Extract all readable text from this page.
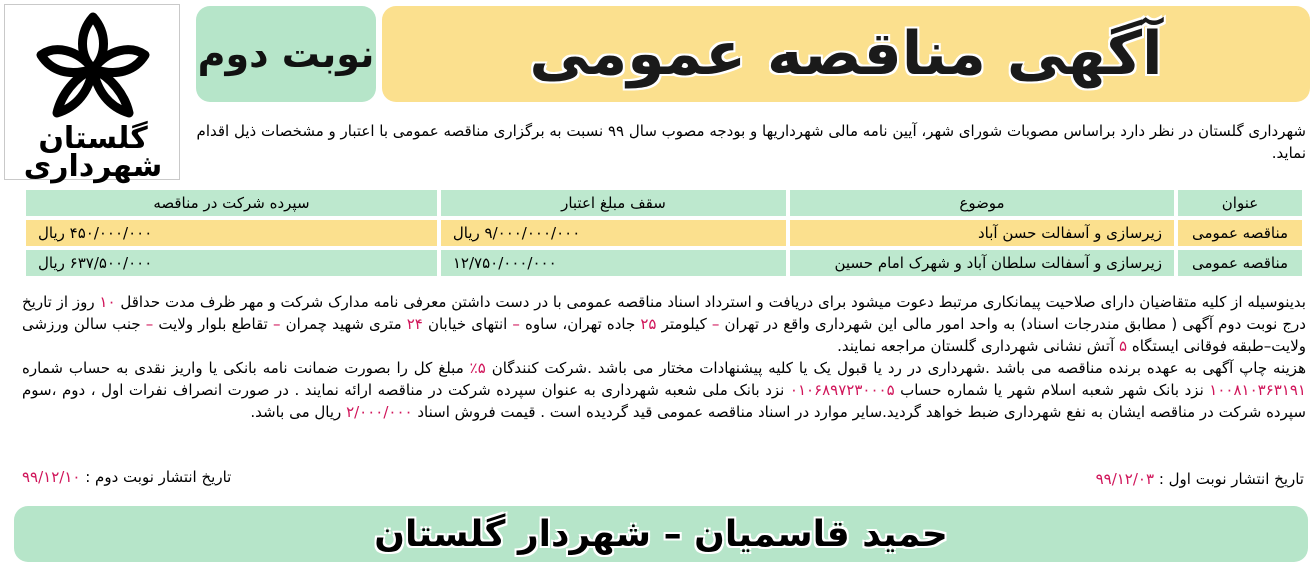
گلستان
شهرداری
نوبت دوم	آگهی مناقصه عمومی
شهرداری گلستان در نظر دارد براساس مصوبات شورای شهر، آیین نامه مالی شهرداریها و بودجه مصوب سال ۹۹ نسبت به برگزاری مناقصه عمومی با اعتبار و مشخصات ذیل اقدام نماید.
عنوان	موضوع	سقف مبلغ اعتبار	سپرده شرکت در مناقصه
مناقصه عمومی	زیرسازی و آسفالت حسن آباد	۹/۰۰۰/۰۰۰/۰۰۰ ریال	۴۵۰/۰۰۰/۰۰۰ ریال
مناقصه عمومی	زیرسازی و آسفالت سلطان آباد و شهرک امام حسین	۱۲/۷۵۰/۰۰۰/۰۰۰	۶۳۷/۵۰۰/۰۰۰ ریال
بدینوسیله از کلیه متقاضیان دارای صلاحیت پیمانکاری مرتبط دعوت میشود برای دریافت و استرداد اسناد مناقصه عمومی با در دست داشتن معرفی نامه مدارک شرکت و مهر ظرف مدت حداقل ۱۰ روز از تاریخ درج نوبت دوم آگهی ( مطابق مندرجات اسناد) به واحد امور مالی این شهرداری واقع در تهران – کیلومتر ۲۵ جاده تهران، ساوه – انتهای خیابان ۲۴ متری شهید چمران – تقاطع بلوار ولایت – جنب سالن ورزشی ولایت–طبقه فوقانی ایستگاه ۵ آتش نشانی شهرداری گلستان مراجعه نمایند.
هزینه چاپ آگهی به عهده برنده مناقصه می باشد .شهرداری در رد یا قبول یک یا کلیه پیشنهادات مختار می باشد .شرکت کنندگان ۵٪ مبلغ کل را بصورت ضمانت نامه بانکی یا واریز نقدی به حساب شماره ۱۰۰۸۱۰۳۶۳۱۹۱ نزد بانک شهر شعبه اسلام شهر یا شماره حساب ۰۱۰۶۸۹۷۲۳۰۰۰۵ نزد بانک ملی شعبه شهرداری به عنوان سپرده شرکت در مناقصه ارائه نمایند . در صورت انصراف نفرات اول ، دوم ،سوم سپرده شرکت در مناقصه ایشان به نفع شهرداری ضبط خواهد گردید.سایر موارد در اسناد مناقصه عمومی قید گردیده است . قیمت فروش اسناد ۲/۰۰۰/۰۰۰ ریال می باشد.
تاریخ انتشار نوبت اول : ۹۹/۱۲/۰۳
تاریخ انتشار نوبت دوم : ۹۹/۱۲/۱۰
حمید قاسمیان – شهردار گلستان
